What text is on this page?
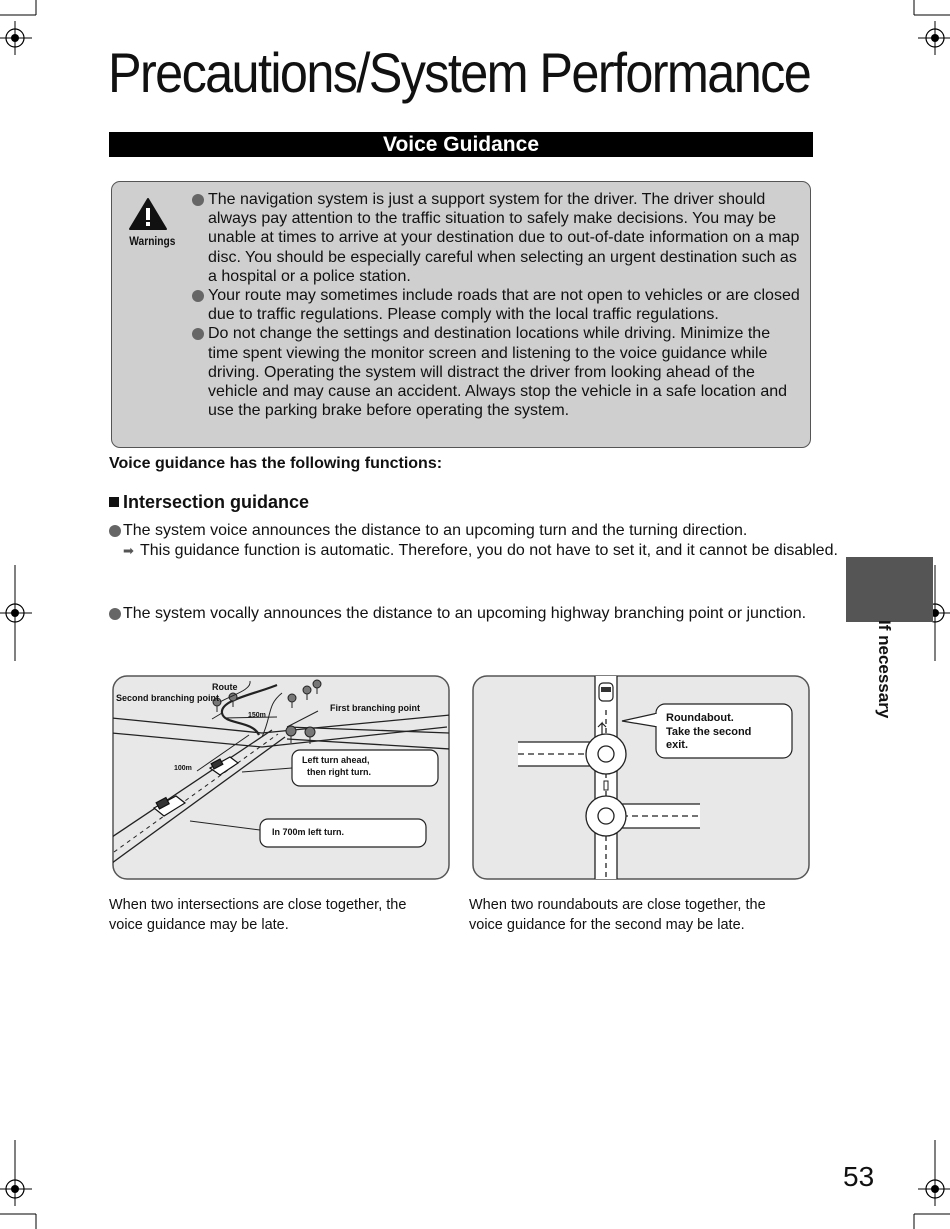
Precautions/System Performance
Voice Guidance
Warnings
The navigation system is just a support system for the driver. The driver should always pay attention to the traffic situation to safely make decisions. You may be unable at times to arrive at your destination due to out-of-date information on a map disc. You should be especially careful when selecting an urgent destination such as a hospital or a police station.
Your route may sometimes include roads that are not open to vehicles or are closed due to traffic regulations. Please comply with the local traffic regulations.
Do not change the settings and destination locations while driving. Minimize the time spent viewing the monitor screen and listening to the voice guidance while driving. Operating the system will distract the driver from looking ahead of the vehicle and may cause an accident. Always stop the vehicle in a safe location and use the parking brake before operating the system.

Voice guidance has the following functions:

Intersection guidance
The system voice announces the distance to an upcoming turn and the turning direction.
➡ This guidance function is automatic. Therefore, you do not have to set it, and it cannot be disabled.
The system vocally announces the distance to an upcoming highway branching point or junction.
Route
Second branching point
First branching point
150m
100m
Left turn ahead,
then right turn.
In 700m left turn.
Roundabout.
Take the second
exit.
When two intersections are close together, the voice guidance may be late.
When two roundabouts are close together, the voice guidance for the second may be late.
If necessary
53
